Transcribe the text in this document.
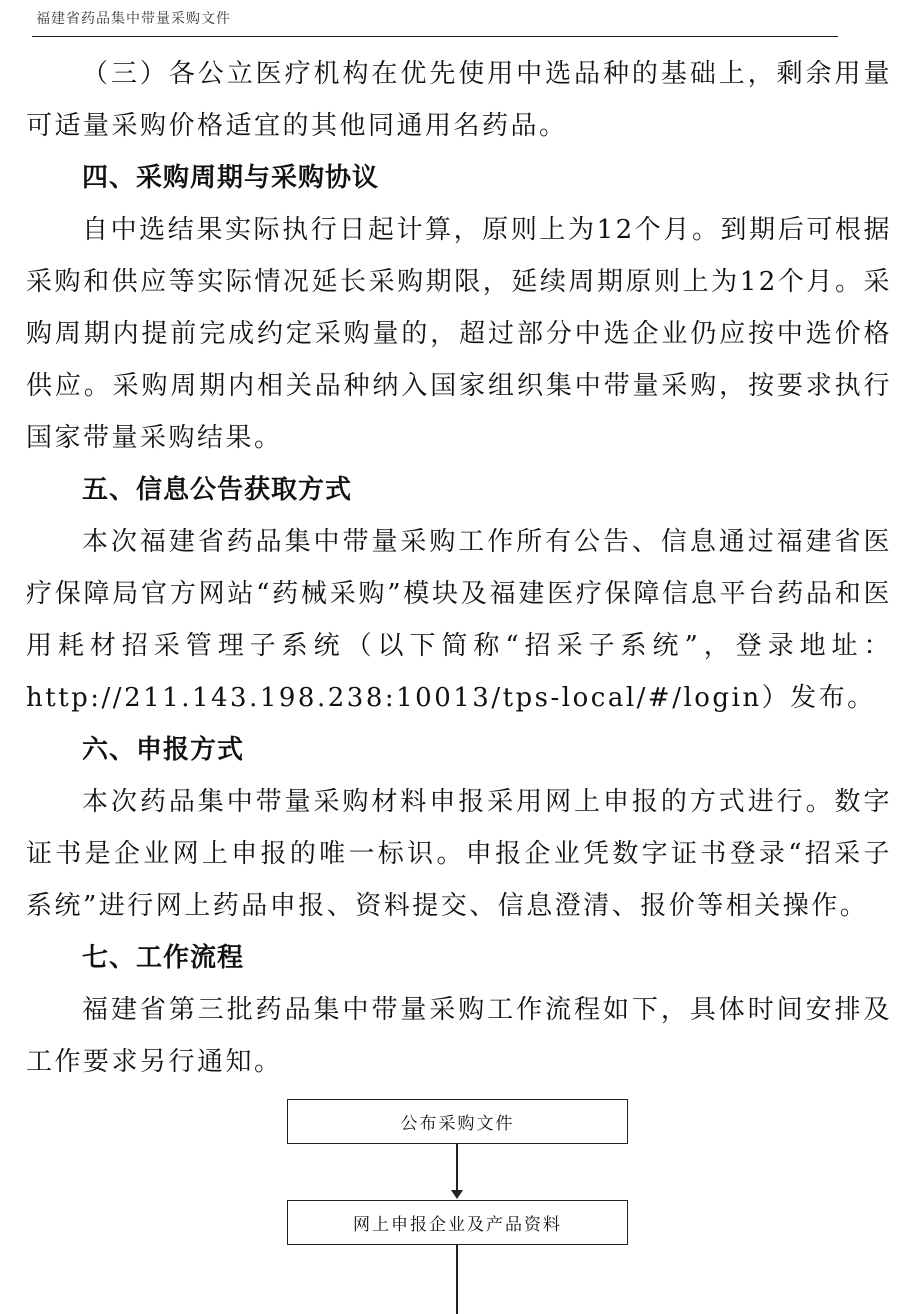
福建省药品集中带量采购文件

（三）各公立医疗机构在优先使用中选品种的基础上，剩余用量可适量采购价格适宜的其他同通用名药品。

四、采购周期与采购协议

自中选结果实际执行日起计算，原则上为12个月。到期后可根据采购和供应等实际情况延长采购期限，延续周期原则上为12个月。采购周期内提前完成约定采购量的，超过部分中选企业仍应按中选价格供应。采购周期内相关品种纳入国家组织集中带量采购，按要求执行国家带量采购结果。

五、信息公告获取方式

本次福建省药品集中带量采购工作所有公告、信息通过福建省医疗保障局官方网站“药械采购”模块及福建医疗保障信息平台药品和医用耗材招采管理子系统（以下简称“招采子系统”，登录地址：http://211.143.198.238:10013/tps-local/#/login）发布。

六、申报方式

本次药品集中带量采购材料申报采用网上申报的方式进行。数字证书是企业网上申报的唯一标识。申报企业凭数字证书登录“招采子系统”进行网上药品申报、资料提交、信息澄清、报价等相关操作。

七、工作流程

福建省第三批药品集中带量采购工作流程如下，具体时间安排及工作要求另行通知。

公布采购文件
网上申报企业及产品资料
